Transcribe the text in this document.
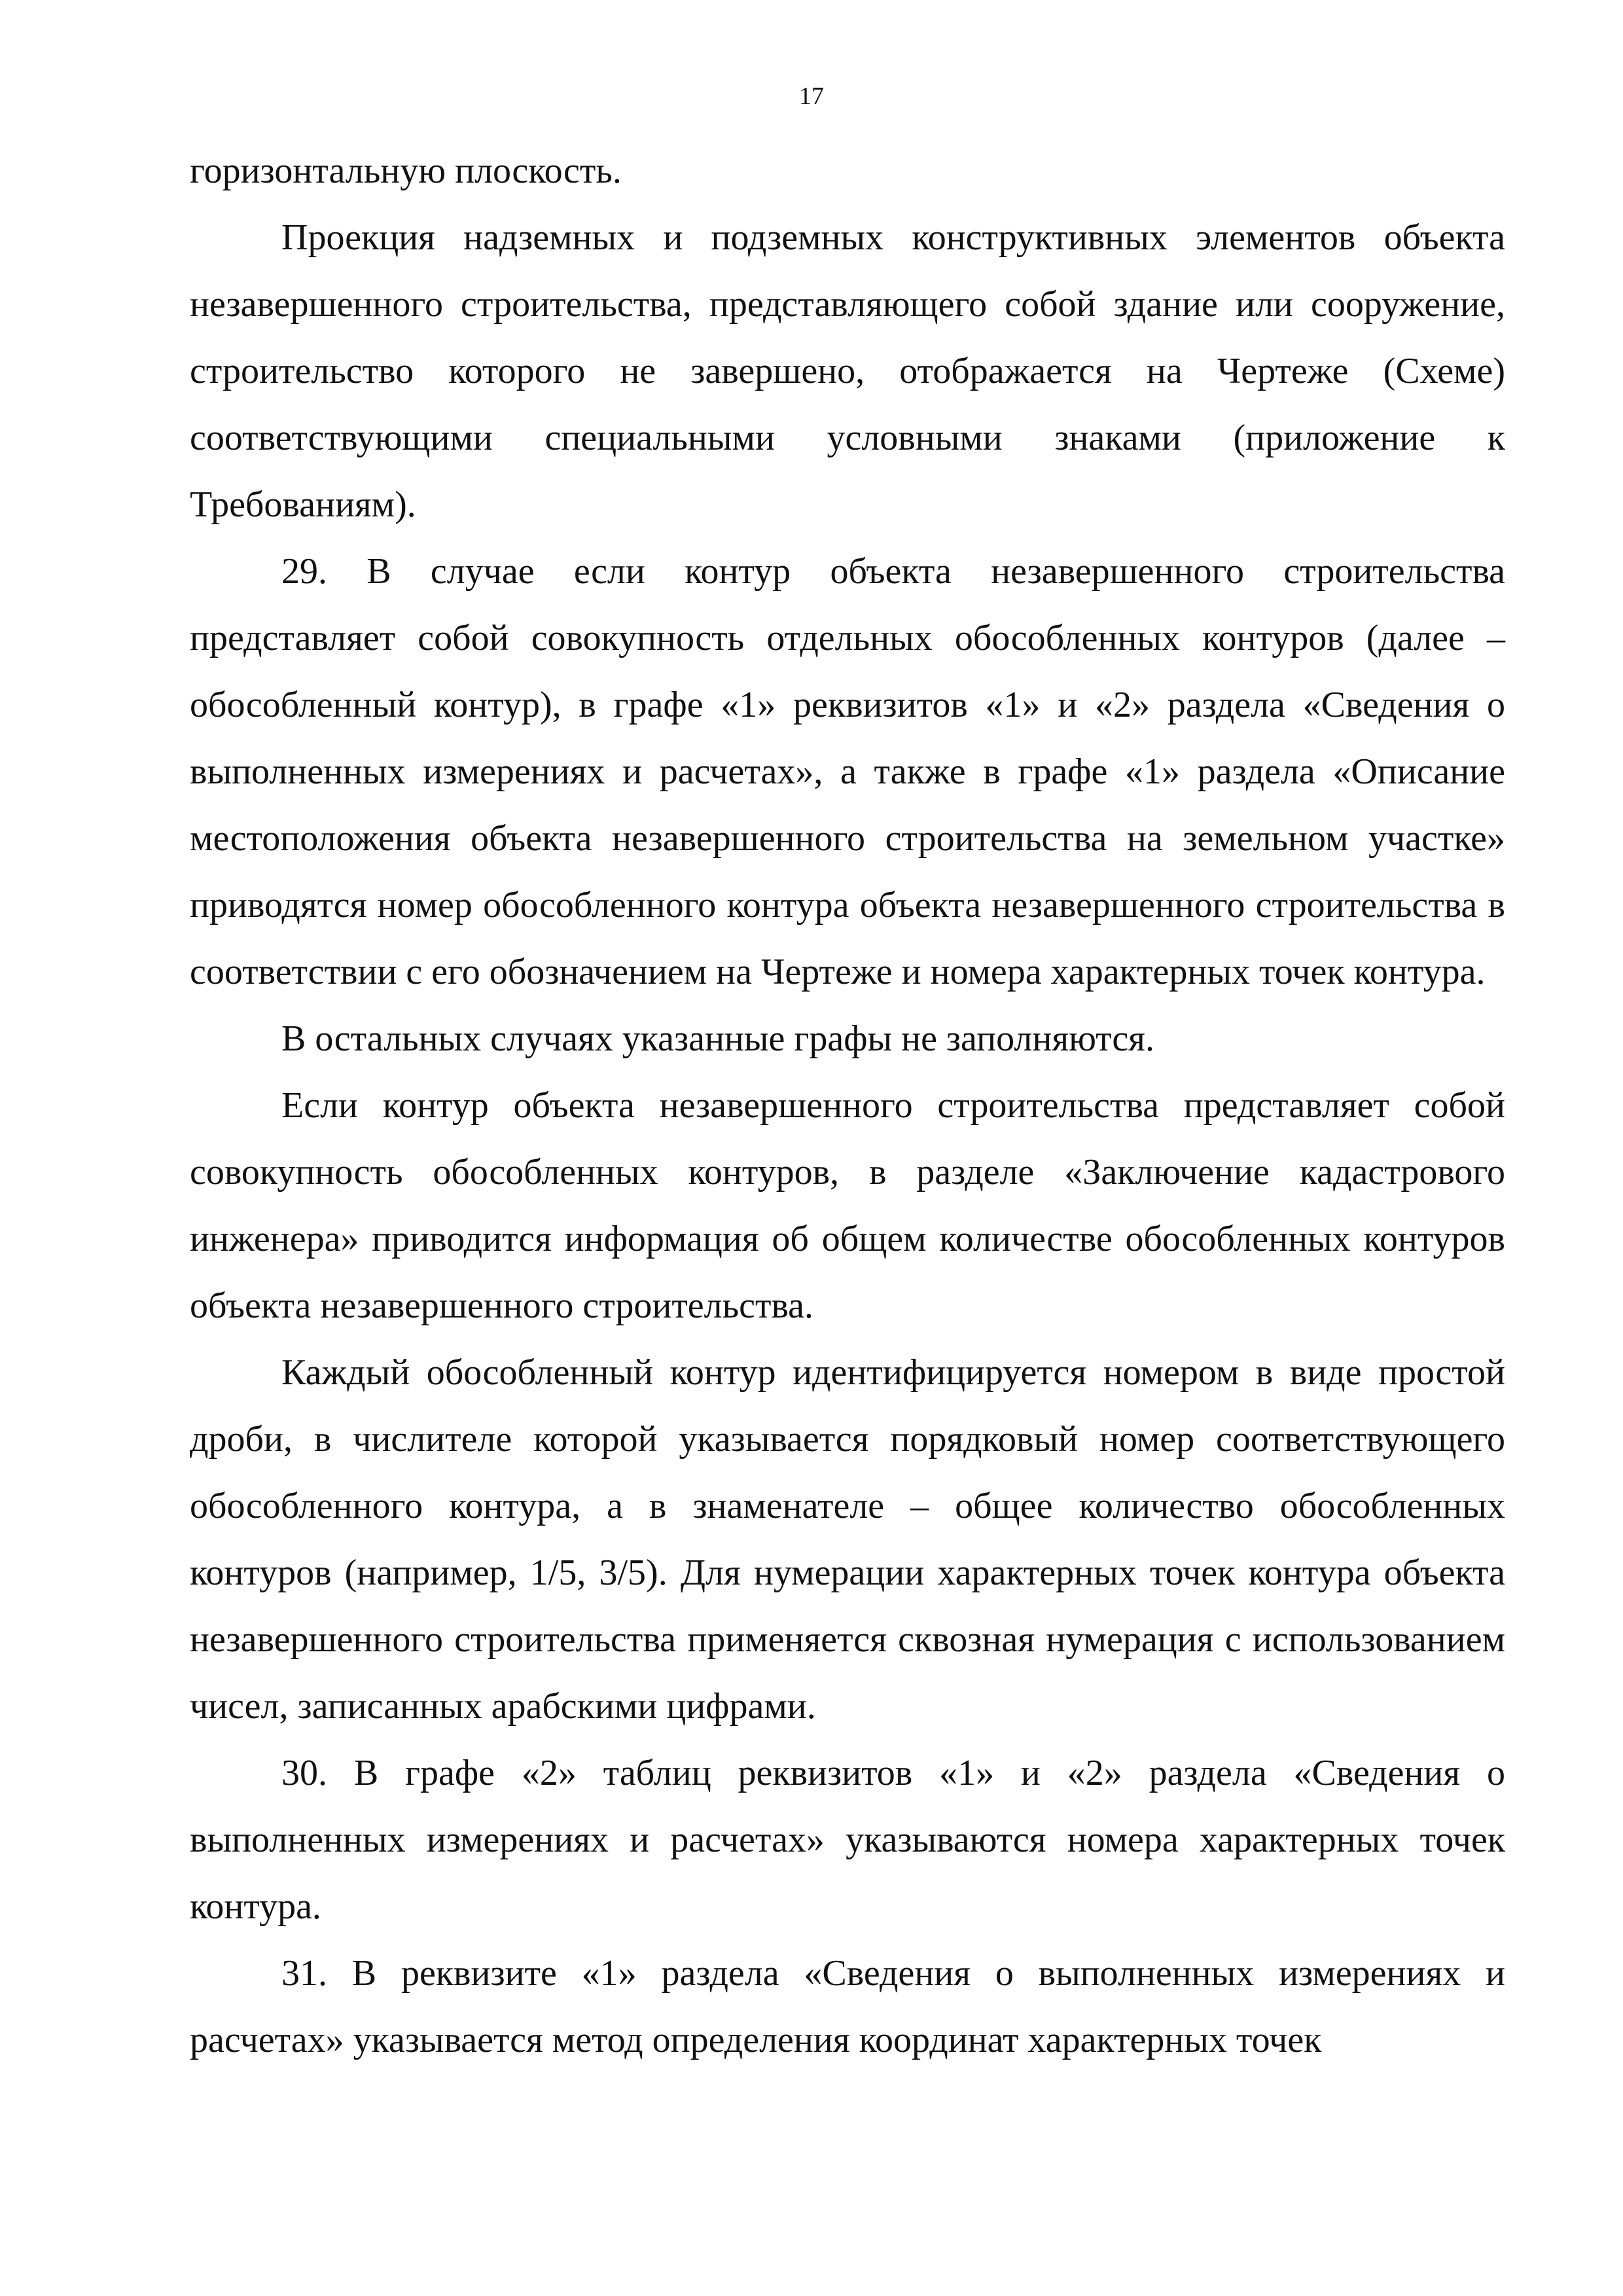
17

горизонтальную плоскость.

Проекция надземных и подземных конструктивных элементов объекта незавершенного строительства, представляющего собой здание или сооружение, строительство которого не завершено, отображается на Чертеже (Схеме) соответствующими специальными условными знаками (приложение к Требованиям).

29. В случае если контур объекта незавершенного строительства представляет собой совокупность отдельных обособленных контуров (далее – обособленный контур), в графе «1» реквизитов «1» и «2» раздела «Сведения о выполненных измерениях и расчетах», а также в графе «1» раздела «Описание местоположения объекта незавершенного строительства на земельном участке» приводятся номер обособленного контура объекта незавершенного строительства в соответствии с его обозначением на Чертеже и номера характерных точек контура.

В остальных случаях указанные графы не заполняются.

Если контур объекта незавершенного строительства представляет собой совокупность обособленных контуров, в разделе «Заключение кадастрового инженера» приводится информация об общем количестве обособленных контуров объекта незавершенного строительства.

Каждый обособленный контур идентифицируется номером в виде простой дроби, в числителе которой указывается порядковый номер соответствующего обособленного контура, а в знаменателе – общее количество обособленных контуров (например, 1/5, 3/5). Для нумерации характерных точек контура объекта незавершенного строительства применяется сквозная нумерация с использованием чисел, записанных арабскими цифрами.

30. В графе «2» таблиц реквизитов «1» и «2» раздела «Сведения о выполненных измерениях и расчетах» указываются номера характерных точек контура.

31. В реквизите «1» раздела «Сведения о выполненных измерениях и расчетах» указывается метод определения координат характерных точек
